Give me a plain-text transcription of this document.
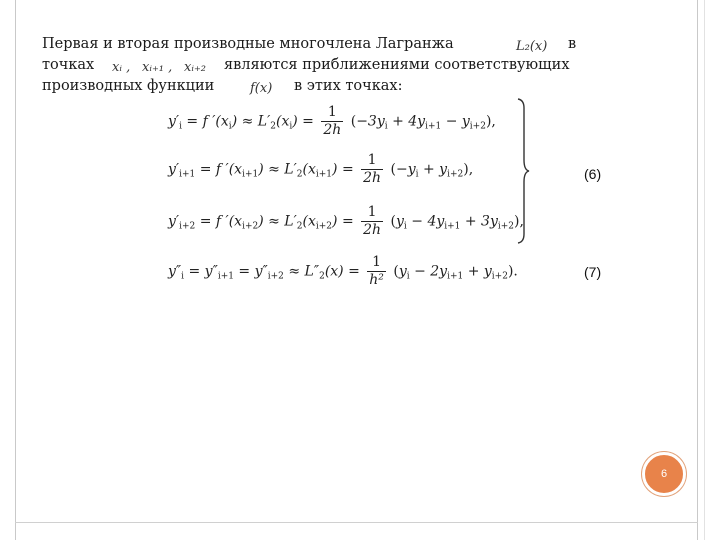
Первая и вторая производные многочлена Лагранжа	L₂(x) в
точках xᵢ , xᵢ₊₁ , xᵢ₊₂ являются приближениями соответствующих
производных функции	f(x) в этих точках:
$y'_i = f$ $'(x_i) \approx L'_2(x_i) = \frac{1}{2h} (-3y_i + 4y_{i+1} - y_{i+2})$,
$y'_{i+1} = f$ $'(x_{i+1}) \approx L'_2(x_{i+1}) = \frac{1}{2h} (-y_i + y_{i+2})$,
$y'_{i+2} = f$ $'(x_{i+2}) \approx L'_2(x_{i+2}) = \frac{1}{2h} (y_i - 4y_{i+1} + 3y_{i+2})$,
(6)
$y''_i = y''_{i+1} = y''_{i+2} \approx L''_2(x) = \frac{1}{\text{h²}} (y_i - 2y_{i+1} + y_{i+2})$.	(7)
6
